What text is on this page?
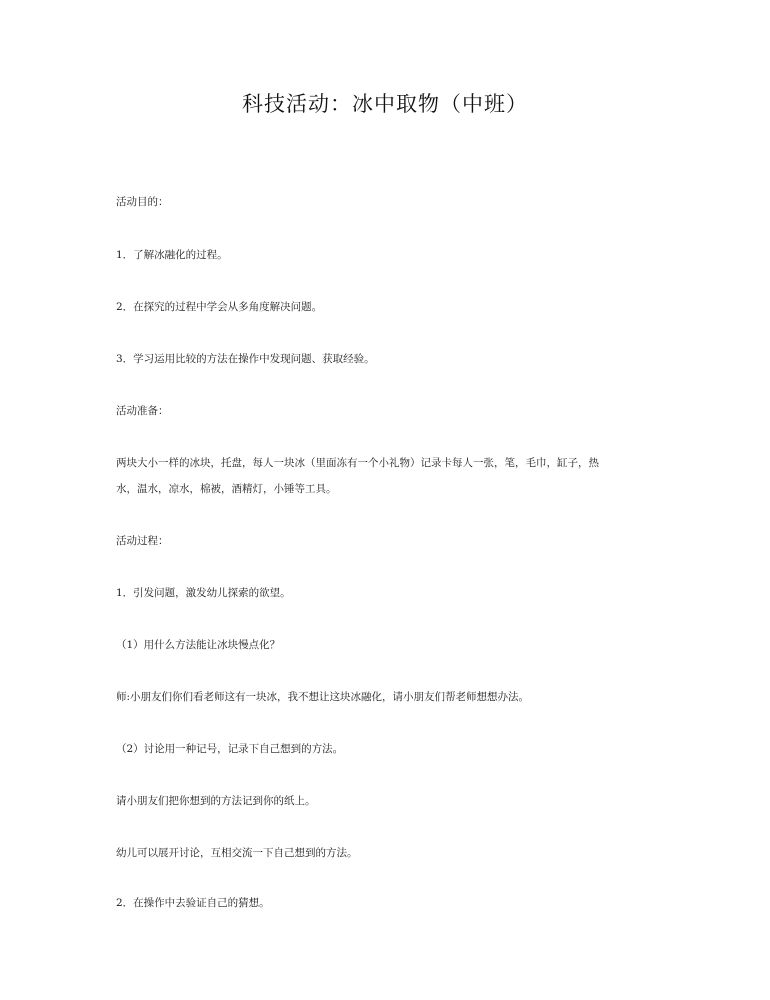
科技活动：冰中取物（中班）
活动目的：
1．了解冰融化的过程。
2．在探究的过程中学会从多角度解决问题。
3．学习运用比较的方法在操作中发现问题、获取经验。
活动准备：
两块大小一样的冰块，托盘，每人一块冰（里面冻有一个小礼物）记录卡每人一张，笔，毛巾，缸子，热
水，温水，凉水，棉被，酒精灯，小锤等工具。
活动过程：
1．引发问题，激发幼儿探索的欲望。
（1）用什么方法能让冰块慢点化？
师:小朋友们你们看老师这有一块冰，我不想让这块冰融化，请小朋友们帮老师想想办法。
（2）讨论用一种记号，记录下自己想到的方法。
请小朋友们把你想到的方法记到你的纸上。
幼儿可以展开讨论，互相交流一下自己想到的方法。
2．在操作中去验证自己的猜想。
